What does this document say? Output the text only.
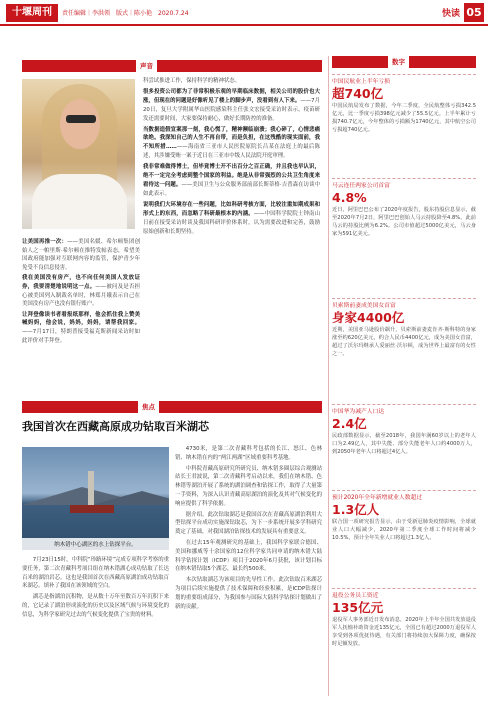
十堰周刊	责任编辑｜李洪领　版式｜陈小艳　2020.7.24	快读 05
声音

让美国再推一次：——美国名媛、希尔顿集团创始人之一帕里斯·希尔顿在推特发帖表态，希望美国政府能加强对互联网内容的监管，保护青少年免受不良信息侵害。

我在美国没有房产，也不向任何美国人发放证券，我要清楚地说明这一点。——被问及是否担心被美国列入制裁名单时，林郑月娥表示自己在美国没有房产也没有银行账户。

让拜登像读书者看报纸那样，他会抓住我上赞美喊妈妈，他会说，妈妈，妈妈，请帮我回家。——7月17日，特朗普接受福克斯新闻采访时如此评价对手拜登。

科尝试推进工作，保持科学的精神状态。

很多投资公司都为了非常积极乐观的早期临床数据，相关公司的股价也大涨，但现在的问题是好像听见了楼上的脚步声，没看到有人下来。——7月20日，复旦大学附属华山医院感染科主任张文宏接受采访时表示，疫苗研发还需要时间，大家要保持耐心，做好长期防控的准备。

当数据造假宣案那一刻，我心慌了，精神濒临崩溃；我心碎了，心情悲痛欲绝。我深知自己的人生不再自带，而是负担，在这残酷的现实面前，我不知所措……——海南省三亚市人民医院原院长吕某在法庭上的最后陈述，其涉嫌受贿一案于近日在三亚市中级人民法院开庭审理。

我非常难做得博士，但毕竟博士开不出百分之百正确，并且我也早认识，绝不一定完全考虑到整个国家的利益。绝是从非常强烈的公共卫生角度来看待这一问题。——美国卫生与公众服务部前部长斯蒂格·吉普森在访谈中如此表示。

说明我们大环境存在一些问题，比如科研考核方面，比较注重如期成果和形式上的东西，而忽略了科研最根本的内涵。——中国科学院院士钟南山日前在接受采访时谈及我国科研评价体系时，认为需要改进和完善，鼓励原始创新和长期坚持。

焦点
我国首次在西藏高原成功钻取百米湖芯
纳木错中心湖区的水上钻探平台。

7月23日15时，中科院“珍路环境”完成专项科学考察的重要任务，第二次青藏科考项目组在纳木错湖心成功钻取了长达百米的湖泊岩芯，这也是我国首次在西藏高原湖泊成功钻取百米湖芯，填补了我国在该领域的空白。

湖芯是指湖泊沉积物，是从数十万年至数百万年沉积下来的，它记录了湖泊形成演化的历史以及区域气候与环境变化的信息，为科学家研究过去的气候变化提供了宝贵的材料。

4730米，是第二次青藏科考包括的长江、怒江、色林错、纳木错在内的“两江两湖”区域重要科考基地。

中科院青藏高原研究所研究员、纳木错多圈层综合观测站站长王君波说，第二次青藏科考启动以来，我们在纳木错、色林错等湖泊开展了系统的湖泊调查和钻探工作，取得了大量第一手资料，为深入认识青藏高原湖泊的演化及其对气候变化的响应提供了科学依据。

据介绍，此次钻取湖芯是我国首次在青藏高原湖泊利用大型钻探平台成功实施深钻取芯，为下一步系统开展多学科研究奠定了基础，对我国湖泊钻探技术的发展具有重要意义。

在过去15年观测研究的基础上，我国科学家联合德国、美国和挪威等十余国家的12位科学家共同申请的纳木错大陆科学钻探计划（ICDP）项目于2020年6月获批，该计划目标在纳木错钻取5个湖芯，最长约500米。

本次钻取湖芯为该项目的先导性工作。此次钻取百米湖芯为项目后续实施提供了技术保障和经验积累，是ICDP钻探计划的重要组成部分，为我国参与国际大陆科学钻探计划做出了新的贡献。

数字
中国民航业上半年亏损
超740亿
中国民航局发布了数据，今年二季度，全民航整体亏损342.5亿元，比一季度亏损398亿元减少了55.5亿元。上半年累计亏损740.7亿元，今年整体的亏损额为1740亿元，其中航空公司亏损超740亿元。
马云连任两家公司首富
4.8%
近日，阿里巴巴公布了2020年度报告，股东持股信息显示，截至2020年7月2日，阿里巴巴创始人马云持股降至4.8%，此前马云的持股比例为6.2%。公司市值超过5000亿美元，马云身家为591亿美元。
贝索斯前妻成美国女首富
身家4400亿
近期，美国亚马逊股价飙升，贝索斯前妻麦肯齐·斯科特的身家涨至约620亿美元，约合人民币4400亿元，成为美国女首富，超过了沃尔玛继承人爱丽丝·沃尔顿，成为世界上最富有的女性之一。
中国华为减产人口达
2.4亿
民政部数据显示，截至2018年，我国年满60岁以上的老年人口为2.49亿人，其中失能、部分失能老年人口约4000万人，到2050年老年人口将超过4亿人。
预计2020年全年新增就业人数超过
1.3亿人
联合国一项研究报告显示，由于受新冠肺炎疫情影响，全球就业人口大幅减少，2020年第二季度全球工作时间将减少10.5%，预计全年失业人口将超过1.3亿人。
退役公务员工资近
135亿元
退役军人事务部近日发布消息，2020年上半年全国共发放退役军人抚恤补助资金近135亿元，全国已有超过2000万退役军人享受到各项优抚待遇，有关部门将持续加大保障力度，确保按时足额发放。
